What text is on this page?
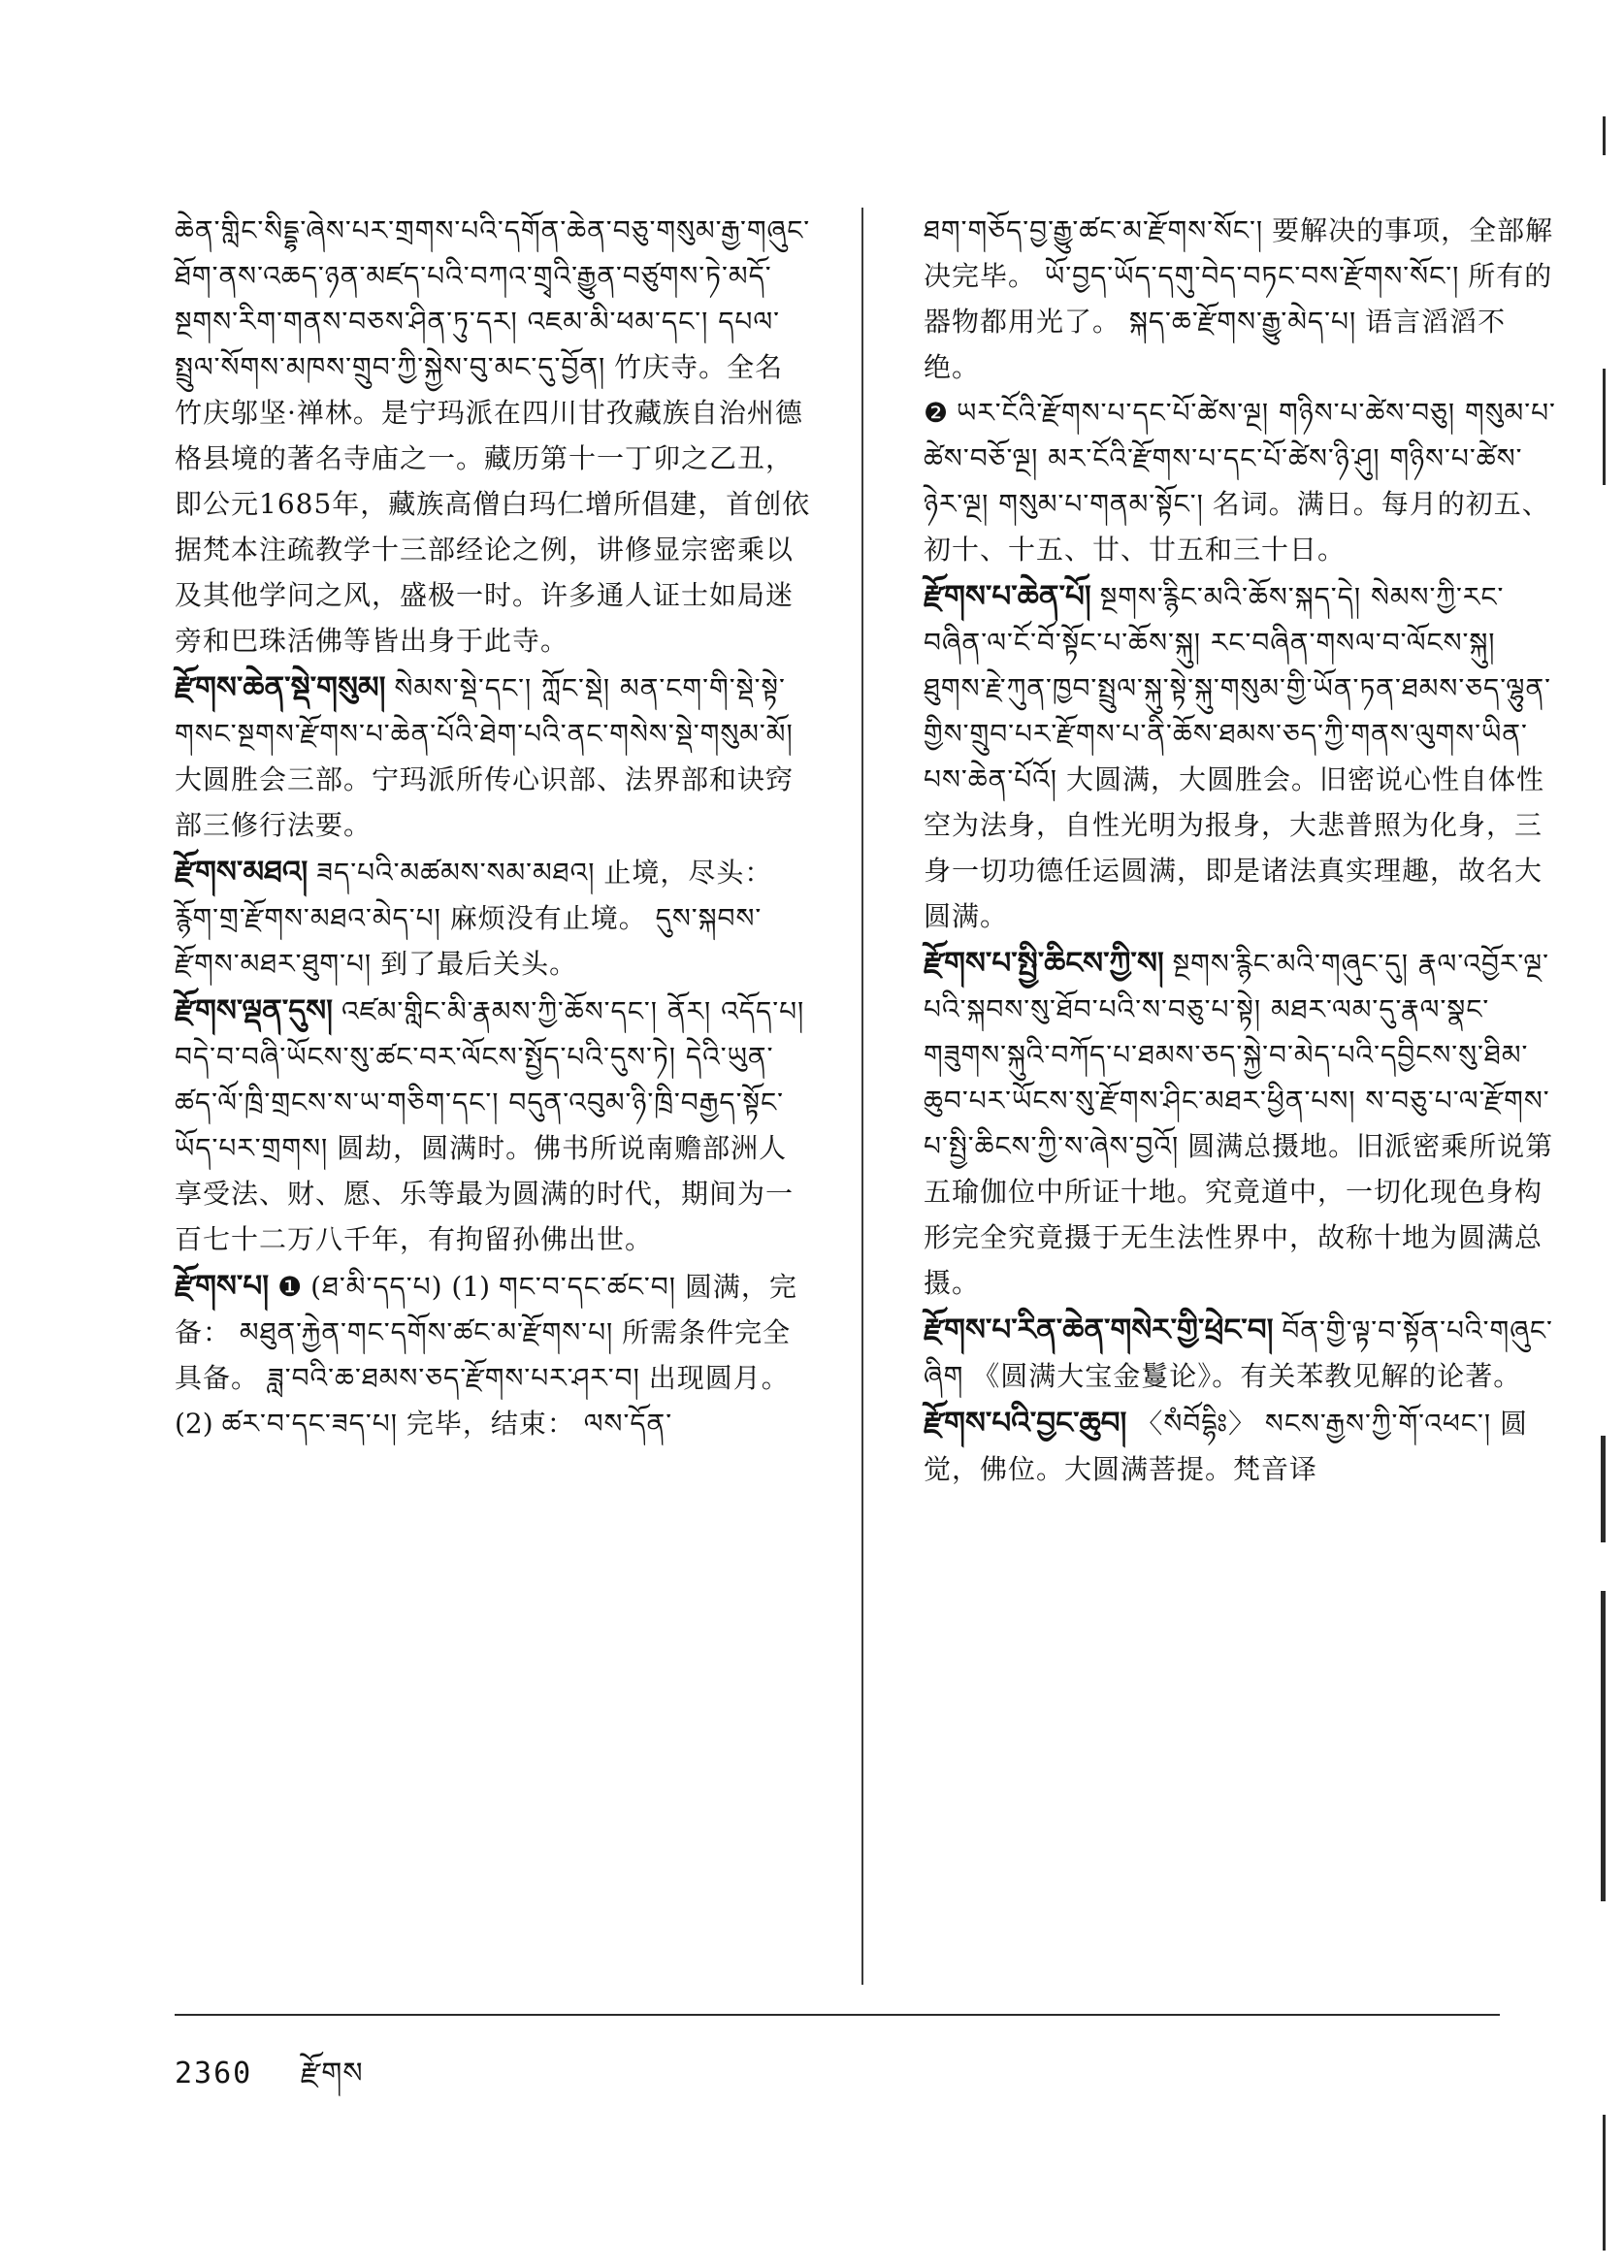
ཆེན་གླིང་སིདྡྷ་ཞེས་པར་གྲགས་པའི་དགོན་ཆེན་བཅུ་གསུམ་རྒྱ་གཞུང་ཐོག་ནས་འཆད་ཉན་མཛད་པའི་བཀའ་གྲྭའི་རྒྱུན་བཙུགས་ཏེ་མདོ་སྔགས་རིག་གནས་བཅས་ཤིན་ཏུ་དར། འཇམ་མི་ཕམ་དང་། དཔལ་སྤྲུལ་སོགས་མཁས་གྲུབ་ཀྱི་སྐྱེས་བུ་མང་དུ་བྱོན། 竹庆寺。全名竹庆邬坚·禅林。是宁玛派在四川甘孜藏族自治州德格县境的著名寺庙之一。藏历第十一丁卯之乙丑，即公元1685年，藏族高僧白玛仁增所倡建，首创依据梵本注疏教学十三部经论之例，讲修显宗密乘以及其他学问之风，盛极一时。许多通人证士如局迷旁和巴珠活佛等皆出身于此寺。

རྫོགས་ཆེན་སྡེ་གསུམ། སེམས་སྡེ་དང་། ཀློང་སྡེ། མན་ངག་གི་སྡེ་སྟེ་གསང་སྔགས་རྫོགས་པ་ཆེན་པོའི་ཐེག་པའི་ནང་གསེས་སྡེ་གསུམ་མོ། 大圆胜会三部。宁玛派所传心识部、法界部和诀窍部三修行法要。

རྫོགས་མཐའ། ཟད་པའི་མཚམས་སམ་མཐའ། 止境，尽头： རྙོག་གྲ་རྫོགས་མཐའ་མེད་པ། 麻烦没有止境。 དུས་སྐབས་རྫོགས་མཐར་ཐུག་པ། 到了最后关头。

རྫོགས་ལྡན་དུས། འཛམ་གླིང་མི་རྣམས་ཀྱི་ཆོས་དང་། ནོར། འདོད་པ། བདེ་བ་བཞི་ཡོངས་སུ་ཚང་བར་ལོངས་སྤྱོད་པའི་དུས་ཏེ། དེའི་ཡུན་ཚད་ལོ་ཁྲི་གྲངས་ས་ཡ་གཅིག་དང་། བདུན་འབུམ་ཉི་ཁྲི་བརྒྱད་སྟོང་ཡོད་པར་གྲགས། 圆劫，圆满时。佛书所说南赡部洲人享受法、财、愿、乐等最为圆满的时代，期间为一百七十二万八千年，有拘留孙佛出世。

རྫོགས་པ། ❶ (ཐ་མི་དད་པ) (1) གང་བ་དང་ཚང་བ། 圆满，完备： མཐུན་རྐྱེན་གང་དགོས་ཚང་མ་རྫོགས་པ། 所需条件完全具备。 ཟླ་བའི་ཆ་ཐམས་ཅད་རྫོགས་པར་ཤར་བ། 出现圆月。 (2) ཚར་བ་དང་ཟད་པ། 完毕，结束： ལས་དོན་

ཐག་གཅོད་བྱ་རྒྱུ་ཚང་མ་རྫོགས་སོང་། 要解决的事项，全部解决完毕。 ཡོ་བྱད་ཡོད་དགུ་བེད་བཏང་བས་རྫོགས་སོང་། 所有的器物都用光了。 སྐད་ཆ་རྫོགས་རྒྱུ་མེད་པ། 语言滔滔不绝。

❷ ཡར་ངོའི་རྫོགས་པ་དང་པོ་ཚེས་ལྔ། གཉིས་པ་ཚེས་བཅུ། གསུམ་པ་ཚེས་བཅོ་ལྔ། མར་ངོའི་རྫོགས་པ་དང་པོ་ཚེས་ཉི་ཤུ། གཉིས་པ་ཚེས་ཉེར་ལྔ། གསུམ་པ་གནམ་སྟོང་། 名词。满日。每月的初五、初十、十五、廿、廿五和三十日。

རྫོགས་པ་ཆེན་པོ། སྔགས་རྙིང་མའི་ཆོས་སྐད་དེ། སེམས་ཀྱི་རང་བཞིན་ལ་ངོ་བོ་སྟོང་པ་ཆོས་སྐུ། རང་བཞིན་གསལ་བ་ལོངས་སྐུ། ཐུགས་རྗེ་ཀུན་ཁྱབ་སྤྲུལ་སྐུ་སྟེ་སྐུ་གསུམ་གྱི་ཡོན་ཏན་ཐམས་ཅད་ལྷུན་གྱིས་གྲུབ་པར་རྫོགས་པ་ནི་ཆོས་ཐམས་ཅད་ཀྱི་གནས་ལུགས་ཡིན་པས་ཆེན་པོའོ། 大圆满，大圆胜会。旧密说心性自体性空为法身，自性光明为报身，大悲普照为化身，三身一切功德任运圆满，即是诸法真实理趣，故名大圆满。

རྫོགས་པ་སྤྱི་ཆིངས་ཀྱི་ས། སྔགས་རྙིང་མའི་གཞུང་དུ། རྣལ་འབྱོར་ལྔ་པའི་སྐབས་སུ་ཐོབ་པའི་ས་བཅུ་པ་སྟེ། མཐར་ལམ་དུ་རྣལ་སྣང་གཟུགས་སྐུའི་བཀོད་པ་ཐམས་ཅད་སྐྱེ་བ་མེད་པའི་དབྱིངས་སུ་ཐིམ་ཆུབ་པར་ཡོངས་སུ་རྫོགས་ཤིང་མཐར་ཕྱིན་པས། ས་བཅུ་པ་ལ་རྫོགས་པ་སྤྱི་ཆིངས་ཀྱི་ས་ཞེས་བྱའོ། 圆满总摄地。旧派密乘所说第五瑜伽位中所证十地。究竟道中，一切化现色身构形完全究竟摄于无生法性界中，故称十地为圆满总摄。

རྫོགས་པ་རིན་ཆེན་གསེར་གྱི་ཕྲེང་བ། བོན་གྱི་ལྟ་བ་སྟོན་པའི་གཞུང་ཞིག 《圆满大宝金鬘论》。有关苯教见解的论著。

རྫོགས་པའི་བྱང་ཆུབ། 〈སཾབོདྷིཿ〉 སངས་རྒྱས་ཀྱི་གོ་འཕང་། 圆觉，佛位。大圆满菩提。梵音译

2360 རྫོགས
